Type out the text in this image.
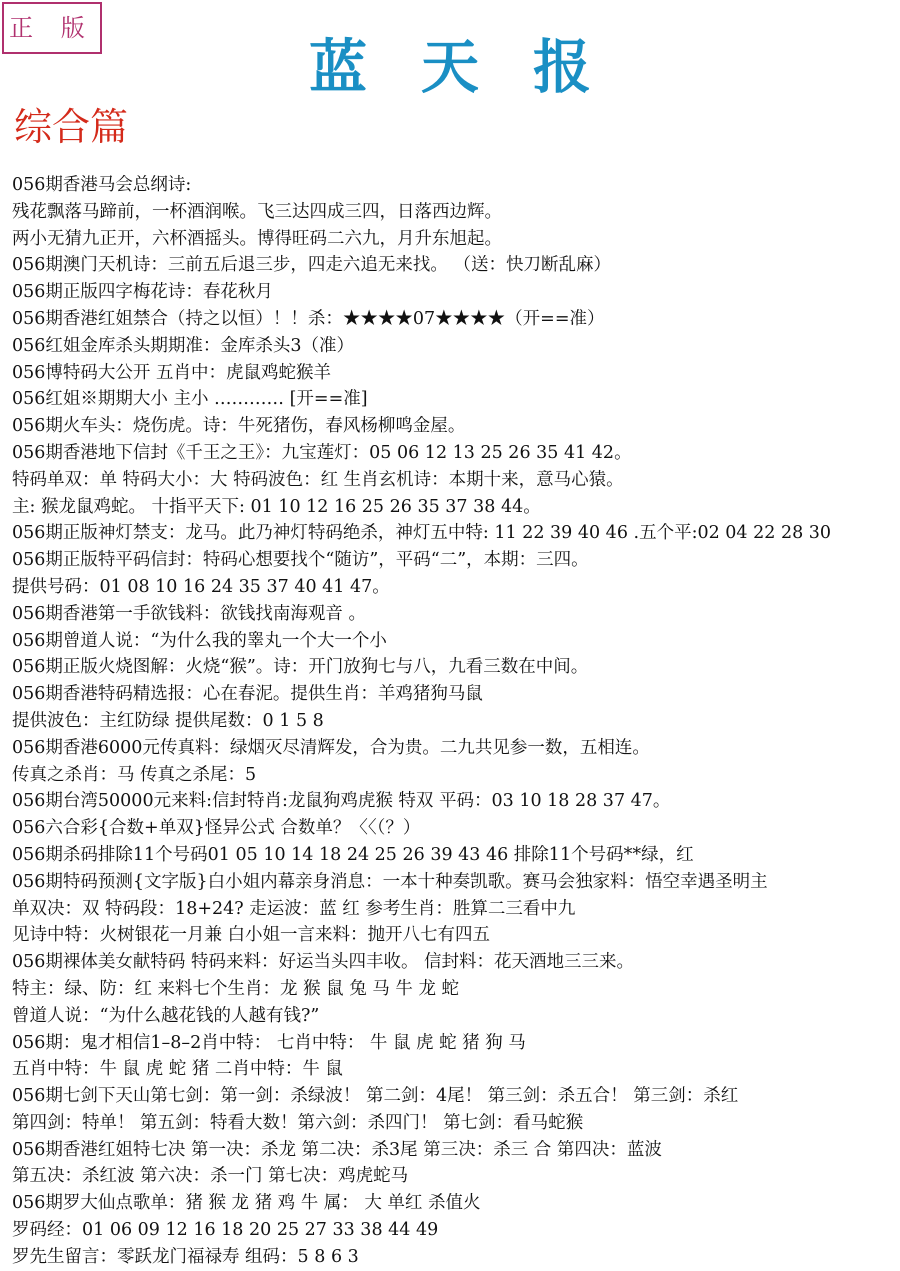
正 版
蓝天报
综合篇
056期香港马会总纲诗:
残花飘落马蹄前，一杯酒润喉。飞三达四成三四，日落西边辉。
两小无猜九正开，六杯酒摇头。博得旺码二六九，月升东旭起。
056期澳门天机诗：三前五后退三步，四走六追无来找。 （送：快刀断乱麻）
056期正版四字梅花诗：春花秋月
056期香港红姐禁合（持之以恒）！！杀：★★★★07★★★★（开==准）
056红姐金库杀头期期准：金库杀头3（准）
056博特码大公开 五肖中：虎鼠鸡蛇猴羊
056红姐※期期大小 主小 ………… [开==准]
056期火车头：烧伤虎。诗：牛死猪伤，春风杨柳鸣金屋。
056期香港地下信封《千王之王》：九宝莲灯：05 06 12 13 25 26 35 41 42。
特码单双：单 特码大小：大 特码波色：红 生肖玄机诗：本期十来，意马心猿。
主: 猴龙鼠鸡蛇。 十指平天下: 01 10 12 16 25 26 35 37 38 44。
056期正版神灯禁支：龙马。此乃神灯特码绝杀，神灯五中特: 11 22 39 40 46 .五个平:02 04 22 28 30
056期正版特平码信封：特码心想要找个“随访”，平码“二”，本期：三四。
提供号码：01 08 10 16 24 35 37 40 41 47。
056期香港第一手欲钱料：欲钱找南海观音 。
056期曾道人说：“为什么我的睾丸一个大一个小
056期正版火烧图解：火烧“猴”。诗：开门放狗七与八，九看三数在中间。
056期香港特码精选报：心在春泥。提供生肖：羊鸡猪狗马鼠
提供波色：主红防绿 提供尾数：0 1 5 8
056期香港6000元传真料：绿烟灭尽清辉发，合为贵。二九共见参一数，五相连。
传真之杀肖：马 传真之杀尾：5
056期台湾50000元来料:信封特肖:龙鼠狗鸡虎猴 特双 平码：03 10 18 28 37 47。
056六合彩{合数+单双}怪异公式 合数单？〈〈（？）
056期杀码排除11个号码01 05 10 14 18 24 25 26 39 43 46 排除11个号码**绿，红
056期特码预测{文字版}白小姐内幕亲身消息：一本十种奏凯歌。赛马会独家料：悟空幸遇圣明主
单双决：双 特码段：18+24? 走运波：蓝 红 参考生肖：胜算二三看中九
见诗中特：火树银花一月兼 白小姐一言来料：抛开八七有四五
056期裸体美女献特码 特码来料：好运当头四丰收。 信封料：花天酒地三三来。
特主：绿、防：红 来料七个生肖：龙 猴 鼠 兔 马 牛 龙 蛇
曾道人说：“为什么越花钱的人越有钱?”
056期：鬼才相信1–8–2肖中特： 七肖中特： 牛 鼠 虎 蛇 猪 狗 马
五肖中特：牛 鼠 虎 蛇 猪 二肖中特：牛 鼠
056期七剑下天山第七剑：第一剑：杀绿波！ 第二剑：4尾！ 第三剑：杀五合！ 第三剑：杀红
第四剑：特单！ 第五剑：特看大数！第六剑：杀四门！ 第七剑：看马蛇猴
056期香港红姐特七决 第一决：杀龙 第二决：杀3尾 第三决：杀三 合 第四决：蓝波
第五决：杀红波 第六决：杀一门 第七决：鸡虎蛇马
056期罗大仙点歌单：猪 猴 龙 猪 鸡 牛 属： 大 单红 杀值火
罗码经：01 06 09 12 16 18 20 25 27 33 38 44 49
罗先生留言：零跃龙门福禄寿 组码：5 8 6 3
